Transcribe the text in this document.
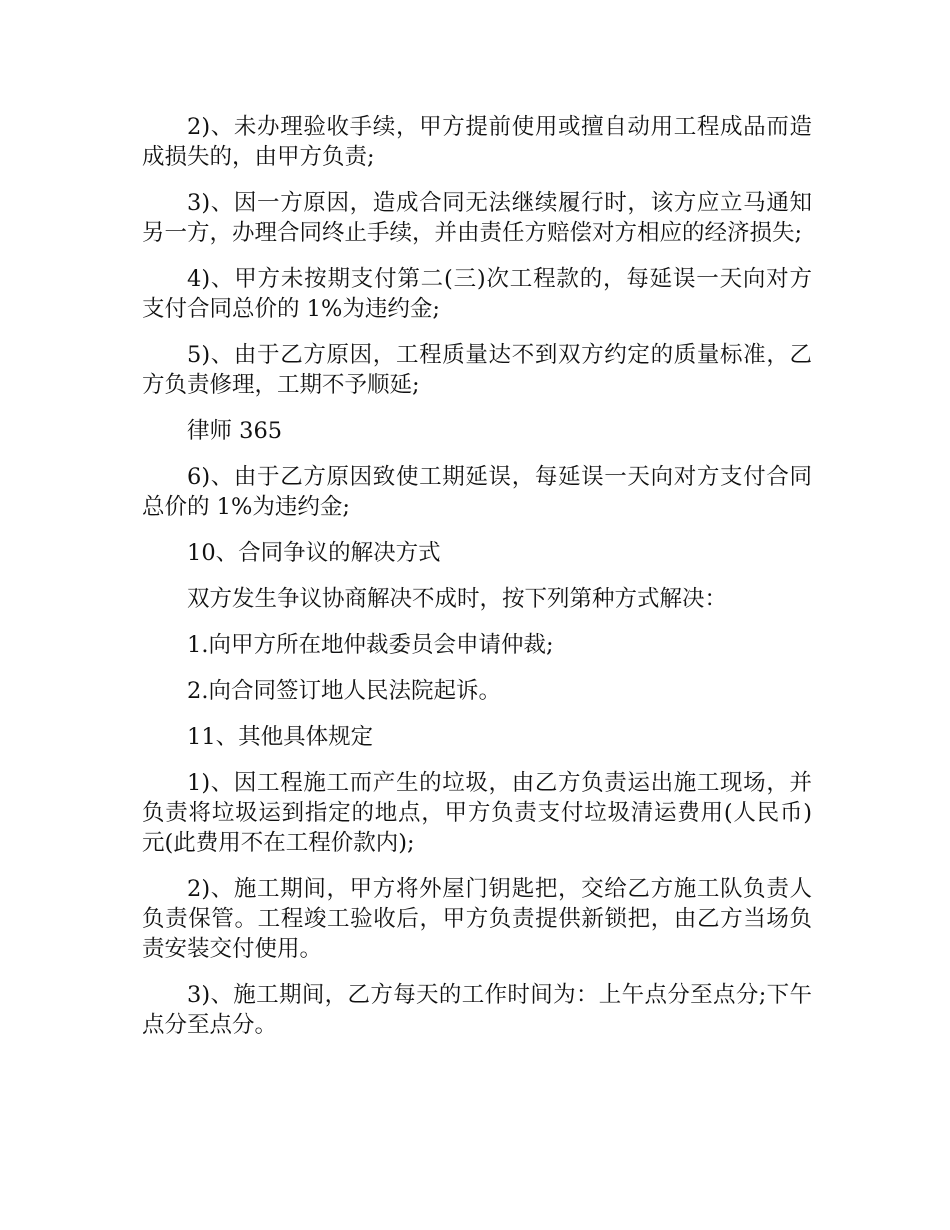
2)、未办理验收手续，甲方提前使用或擅自动用工程成品而造成损失的，由甲方负责;

3)、因一方原因，造成合同无法继续履行时，该方应立马通知另一方，办理合同终止手续，并由责任方赔偿对方相应的经济损失;

4)、甲方未按期支付第二(三)次工程款的，每延误一天向对方支付合同总价的 1%为违约金;

5)、由于乙方原因，工程质量达不到双方约定的质量标准，乙方负责修理，工期不予顺延;

律师 365

6)、由于乙方原因致使工期延误，每延误一天向对方支付合同总价的 1%为违约金;

10、合同争议的解决方式

双方发生争议协商解决不成时，按下列第种方式解决：

1.向甲方所在地仲裁委员会申请仲裁;

2.向合同签订地人民法院起诉。

11、其他具体规定

1)、因工程施工而产生的垃圾，由乙方负责运出施工现场，并负责将垃圾运到指定的地点，甲方负责支付垃圾清运费用(人民币)元(此费用不在工程价款内);

2)、施工期间，甲方将外屋门钥匙把，交给乙方施工队负责人负责保管。工程竣工验收后，甲方负责提供新锁把，由乙方当场负责安装交付使用。

3)、施工期间，乙方每天的工作时间为：上午点分至点分;下午点分至点分。
